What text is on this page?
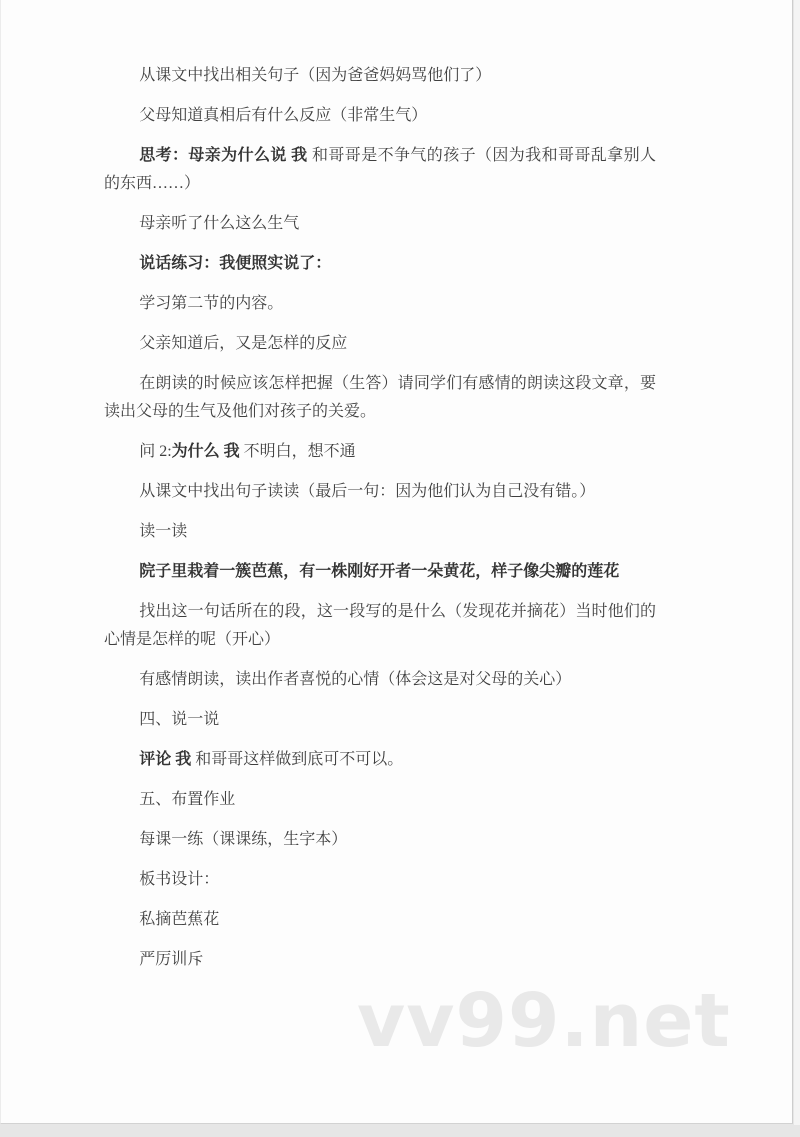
从课文中找出相关句子（因为爸爸妈妈骂他们了）

父母知道真相后有什么反应（非常生气）

思考：母亲为什么说 我 和哥哥是不争气的孩子（因为我和哥哥乱拿别人的东西……）

母亲听了什么这么生气

说话练习：我便照实说了：

学习第二节的内容。

父亲知道后，又是怎样的反应

在朗读的时候应该怎样把握（生答）请同学们有感情的朗读这段文章，要读出父母的生气及他们对孩子的关爱。

问 2:为什么 我 不明白，想不通

从课文中找出句子读读（最后一句：因为他们认为自己没有错。）

读一读

院子里栽着一簇芭蕉，有一株刚好开者一朵黄花，样子像尖瓣的莲花

找出这一句话所在的段，这一段写的是什么（发现花并摘花）当时他们的心情是怎样的呢（开心）

有感情朗读，读出作者喜悦的心情（体会这是对父母的关心）

四、说一说

评论 我 和哥哥这样做到底可不可以。

五、布置作业

每课一练（课课练，生字本）

板书设计：

私摘芭蕉花

严厉训斥

vv99.net
